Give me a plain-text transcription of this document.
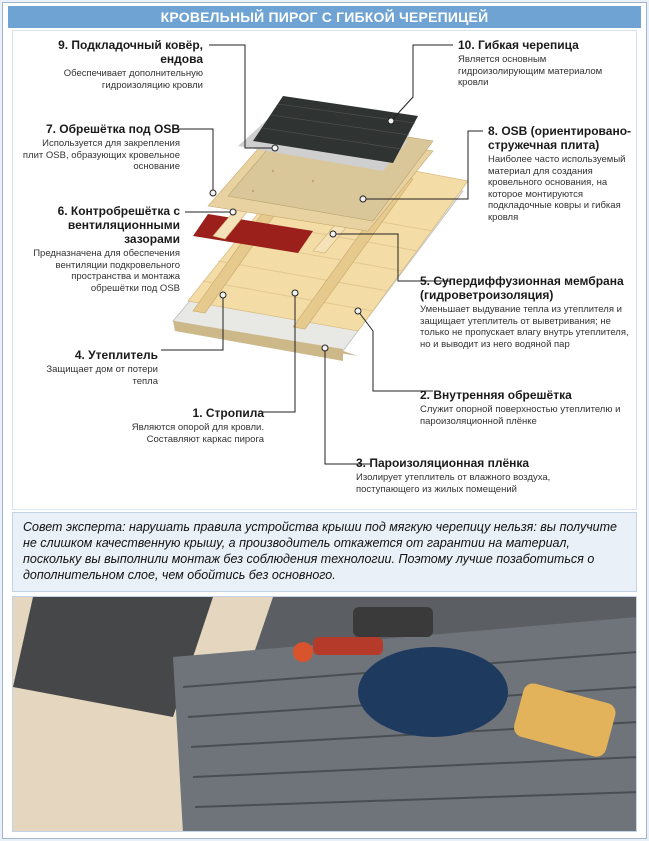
КРОВЕЛЬНЫЙ ПИРОГ С ГИБКОЙ ЧЕРЕПИЦЕЙ
9. Подкладочный ковёр, ендова
Обеспечивает дополнительную гидроизоляцию кровли
7. Обрешётка под OSB
Используется для закрепления плит OSB, образующих кровельное основание
6. Контробрешётка с вентиляционными зазорами
Предназначена для обеспечения вентиляции подкровельного пространства и монтажа обрешётки под OSB
4. Утеплитель
Защищает дом от потери тепла
1. Стропила
Являются опорой для кровли. Составляют каркас пирога
10. Гибкая черепица
Является основным гидроизолирующим материалом кровли
8. OSB (ориентировано-стружечная плита)
Наиболее часто используемый материал для создания кровельного основания, на которое монтируются подкладочные ковры и гибкая кровля
5. Супердиффузионная мембрана (гидроветроизоляция)
Уменьшает выдувание тепла из утеплителя и защищает утеплитель от выветривания; не только не пропускает влагу внутрь утеплителя, но и выводит из него водяной пар
2. Внутренняя обрешётка
Служит опорной поверхностью утеплителю и пароизоляционной плёнке
3. Пароизоляционная плёнка
Изолирует утеплитель от влажного воздуха, поступающего из жилых помещений
Совет эксперта: нарушать правила устройства крыши под мягкую черепицу нельзя: вы получите не слишком качественную крышу, а производитель откажется от гарантии на материал, поскольку вы выполнили монтаж без соблюдения технологии. Поэтому лучше позаботиться о дополнительном слое, чем обойтись без основного.
